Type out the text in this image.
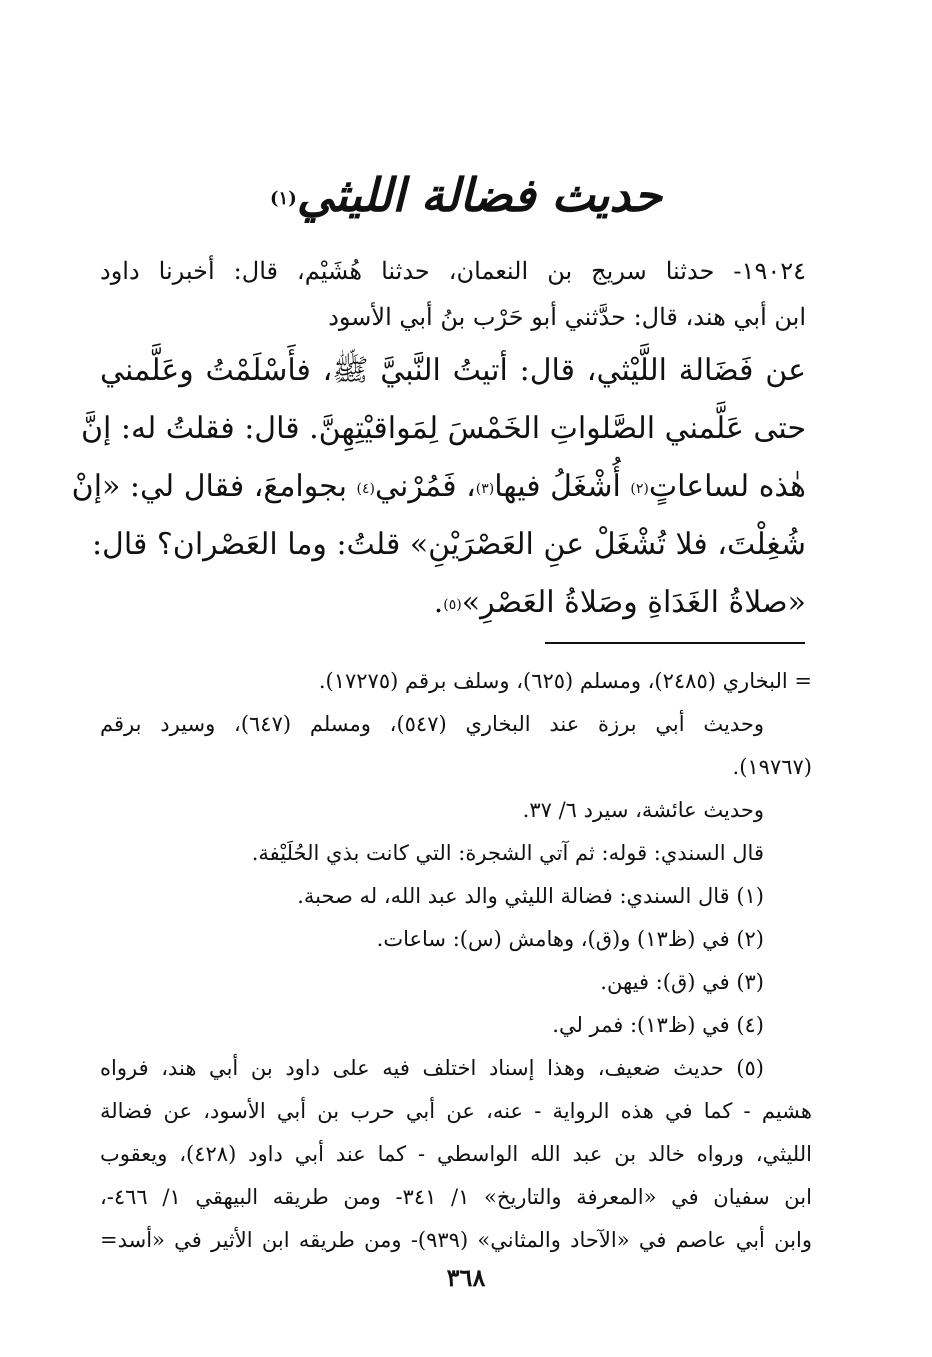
حديث فضالة الليثي$^{(١)}$
١٩٠٢٤- حدثنا سريج بن النعمان، حدثنا هُشَيْم، قال: أخبرنا داود
ابن أبي هند، قال: حدَّثني أبو حَرْب بنُ أبي الأسود
عن فَضَالة اللَّيْثي، قال: أتيتُ النَّبيَّ ﷺ، فأَسْلَمْتُ وعَلَّمني
حتى عَلَّمني الصَّلواتِ الخَمْسَ لِمَواقيْتِهِنَّ. قال: فقلتُ له: إنَّ
هٰذه لساعاتٍ$^{(٢)}$ أُشْغَلُ فيها$^{(٣)}$، فَمُرْني$^{(٤)}$ بجوامعَ، فقال لي: «إنْ
شُغِلْتَ، فلا تُشْغَلْ عنِ العَصْرَيْنِ» قلتُ: وما العَصْران؟ قال:
«صلاةُ الغَدَاةِ وصَلاةُ العَصْرِ»$^{(٥)}$.
= البخاري (٢٤٨٥)، ومسلم (٦٢٥)، وسلف برقم (١٧٢٧٥).
وحديث أبي برزة عند البخاري (٥٤٧)، ومسلم (٦٤٧)، وسيرد برقم
(١٩٧٦٧).
وحديث عائشة، سيرد ٦/ ٣٧.
قال السندي: قوله: ثم آتي الشجرة: التي كانت بذي الحُلَيْفة.
(١) قال السندي: فضالة الليثي والد عبد الله، له صحبة.
(٢) في (ظ١٣) و(ق)، وهامش (س): ساعات.
(٣) في (ق): فيهن.
(٤) في (ظ١٣): فمر لي.
(٥) حديث ضعيف، وهذا إسناد اختلف فيه على داود بن أبي هند، فرواه
هشيم - كما في هذه الرواية - عنه، عن أبي حرب بن أبي الأسود، عن فضالة
الليثي، ورواه خالد بن عبد الله الواسطي - كما عند أبي داود (٤٢٨)، ويعقوب
ابن سفيان في «المعرفة والتاريخ» ١/ ٣٤١- ومن طريقه البيهقي ١/ ٤٦٦-،
وابن أبي عاصم في «الآحاد والمثاني» (٩٣٩)- ومن طريقه ابن الأثير في «أسد=
٣٦٨
